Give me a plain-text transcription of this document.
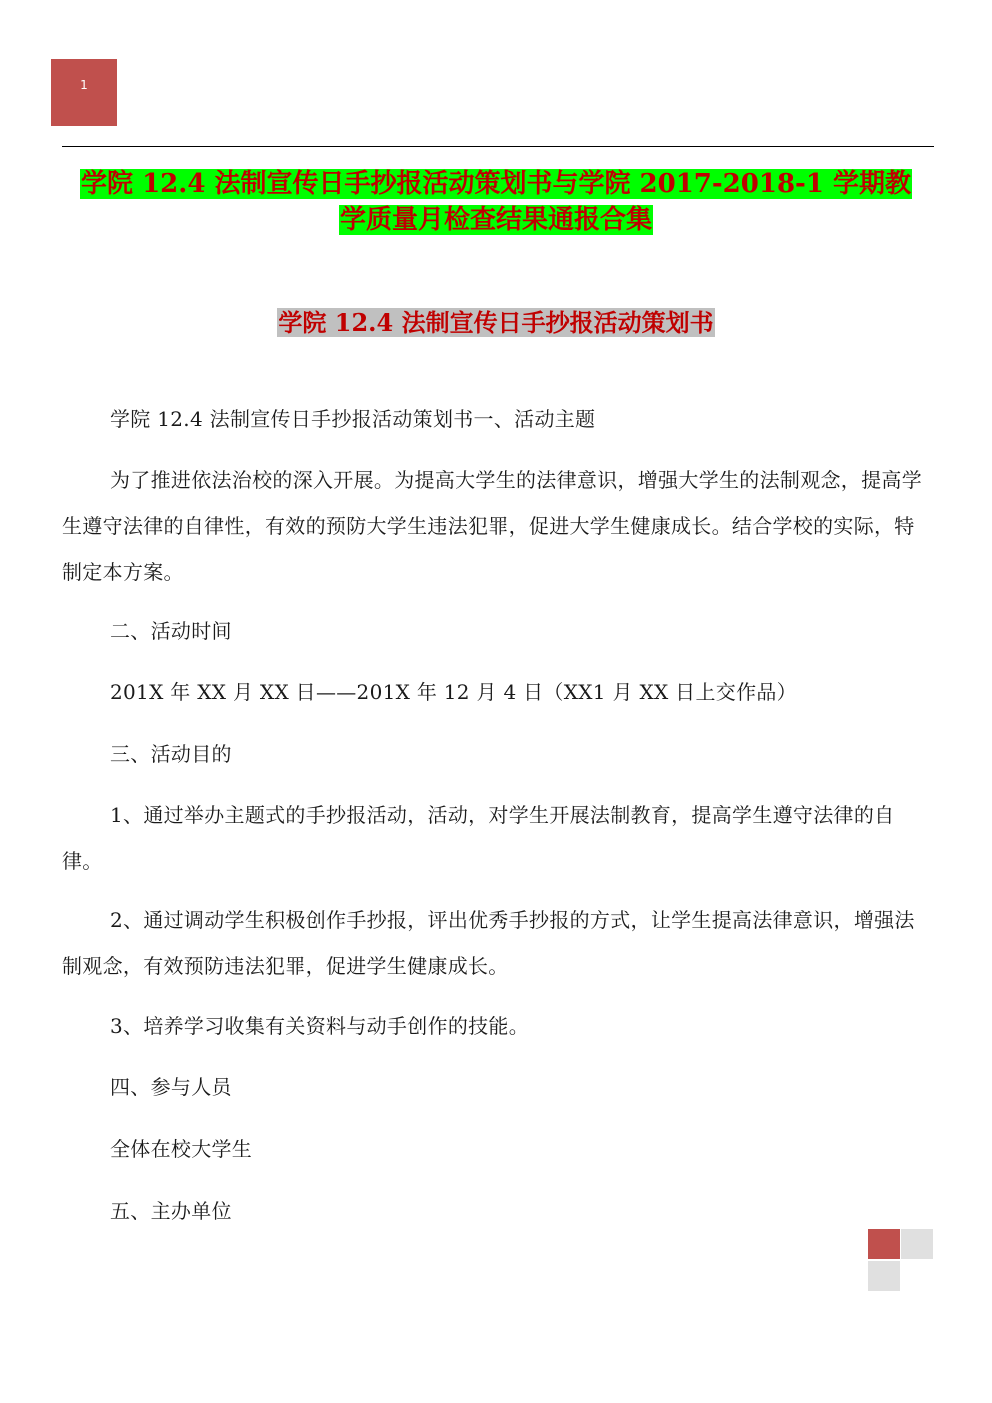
1
学院 12.4 法制宣传日手抄报活动策划书与学院 2017-2018-1 学期教
学质量月检查结果通报合集
学院 12.4 法制宣传日手抄报活动策划书

学院 12.4 法制宣传日手抄报活动策划书一、活动主题

为了推进依法治校的深入开展。为提高大学生的法律意识，增强大学生的法制观念，提高学生遵守法律的自律性，有效的预防大学生违法犯罪，促进大学生健康成长。结合学校的实际，特制定本方案。

二、活动时间

201X 年 XX 月 XX 日——201X 年 12 月 4 日（XX1 月 XX 日上交作品）

三、活动目的

1、通过举办主题式的手抄报活动，活动，对学生开展法制教育，提高学生遵守法律的自律。

2、通过调动学生积极创作手抄报，评出优秀手抄报的方式，让学生提高法律意识，增强法制观念，有效预防违法犯罪，促进学生健康成长。

3、培养学习收集有关资料与动手创作的技能。

四、参与人员

全体在校大学生

五、主办单位
